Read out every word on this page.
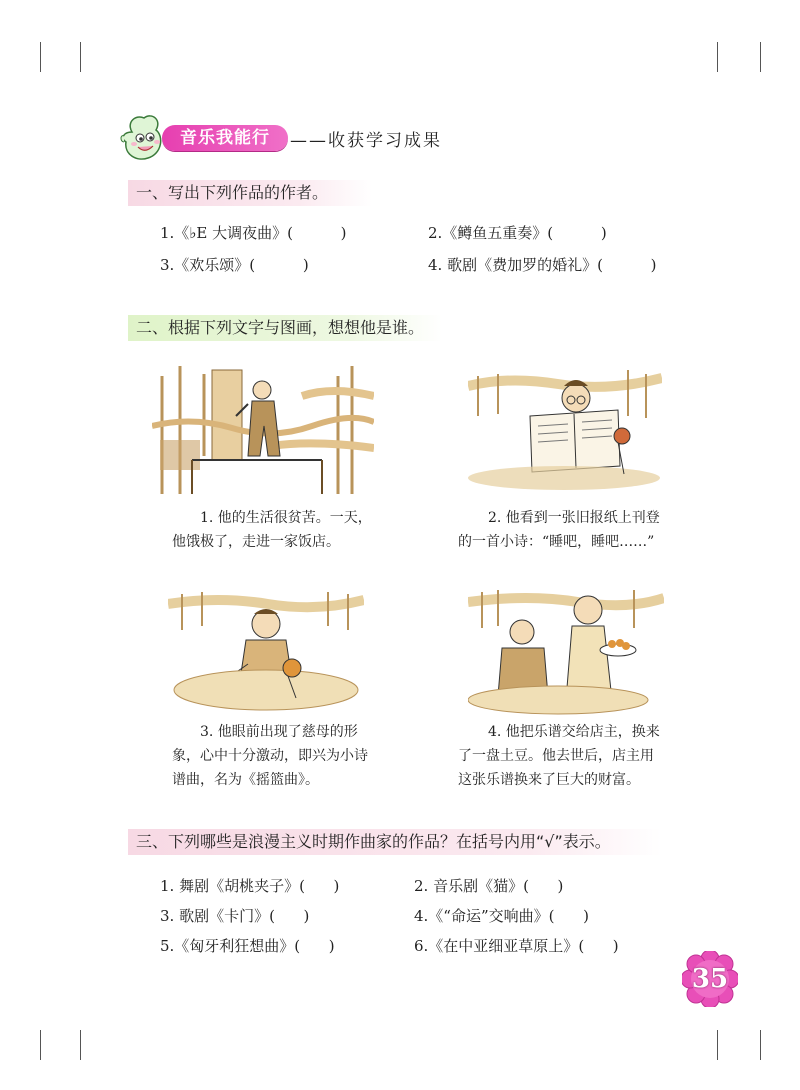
音乐我能行	——收获学习成果
一、写出下列作品的作者。
1.《♭E 大调夜曲》(          )	2.《鳟鱼五重奏》(          )
3.《欢乐颂》(          )	4. 歌剧《费加罗的婚礼》(          )
二、根据下列文字与图画，想想他是谁。

1. 他的生活很贫苦。一天，

他饿极了，走进一家饭店。

2. 他看到一张旧报纸上刊登

的一首小诗：“睡吧，睡吧……”

3. 他眼前出现了慈母的形

象，心中十分激动，即兴为小诗

谱曲，名为《摇篮曲》。

4. 他把乐谱交给店主，换来

了一盘土豆。他去世后，店主用

这张乐谱换来了巨大的财富。

三、下列哪些是浪漫主义时期作曲家的作品？在括号内用“√”表示。
1. 舞剧《胡桃夹子》(      )	2. 音乐剧《猫》(      )
3. 歌剧《卡门》(      )	4.《“命运”交响曲》(      )
5.《匈牙利狂想曲》(      )	6.《在中亚细亚草原上》(      )
35
